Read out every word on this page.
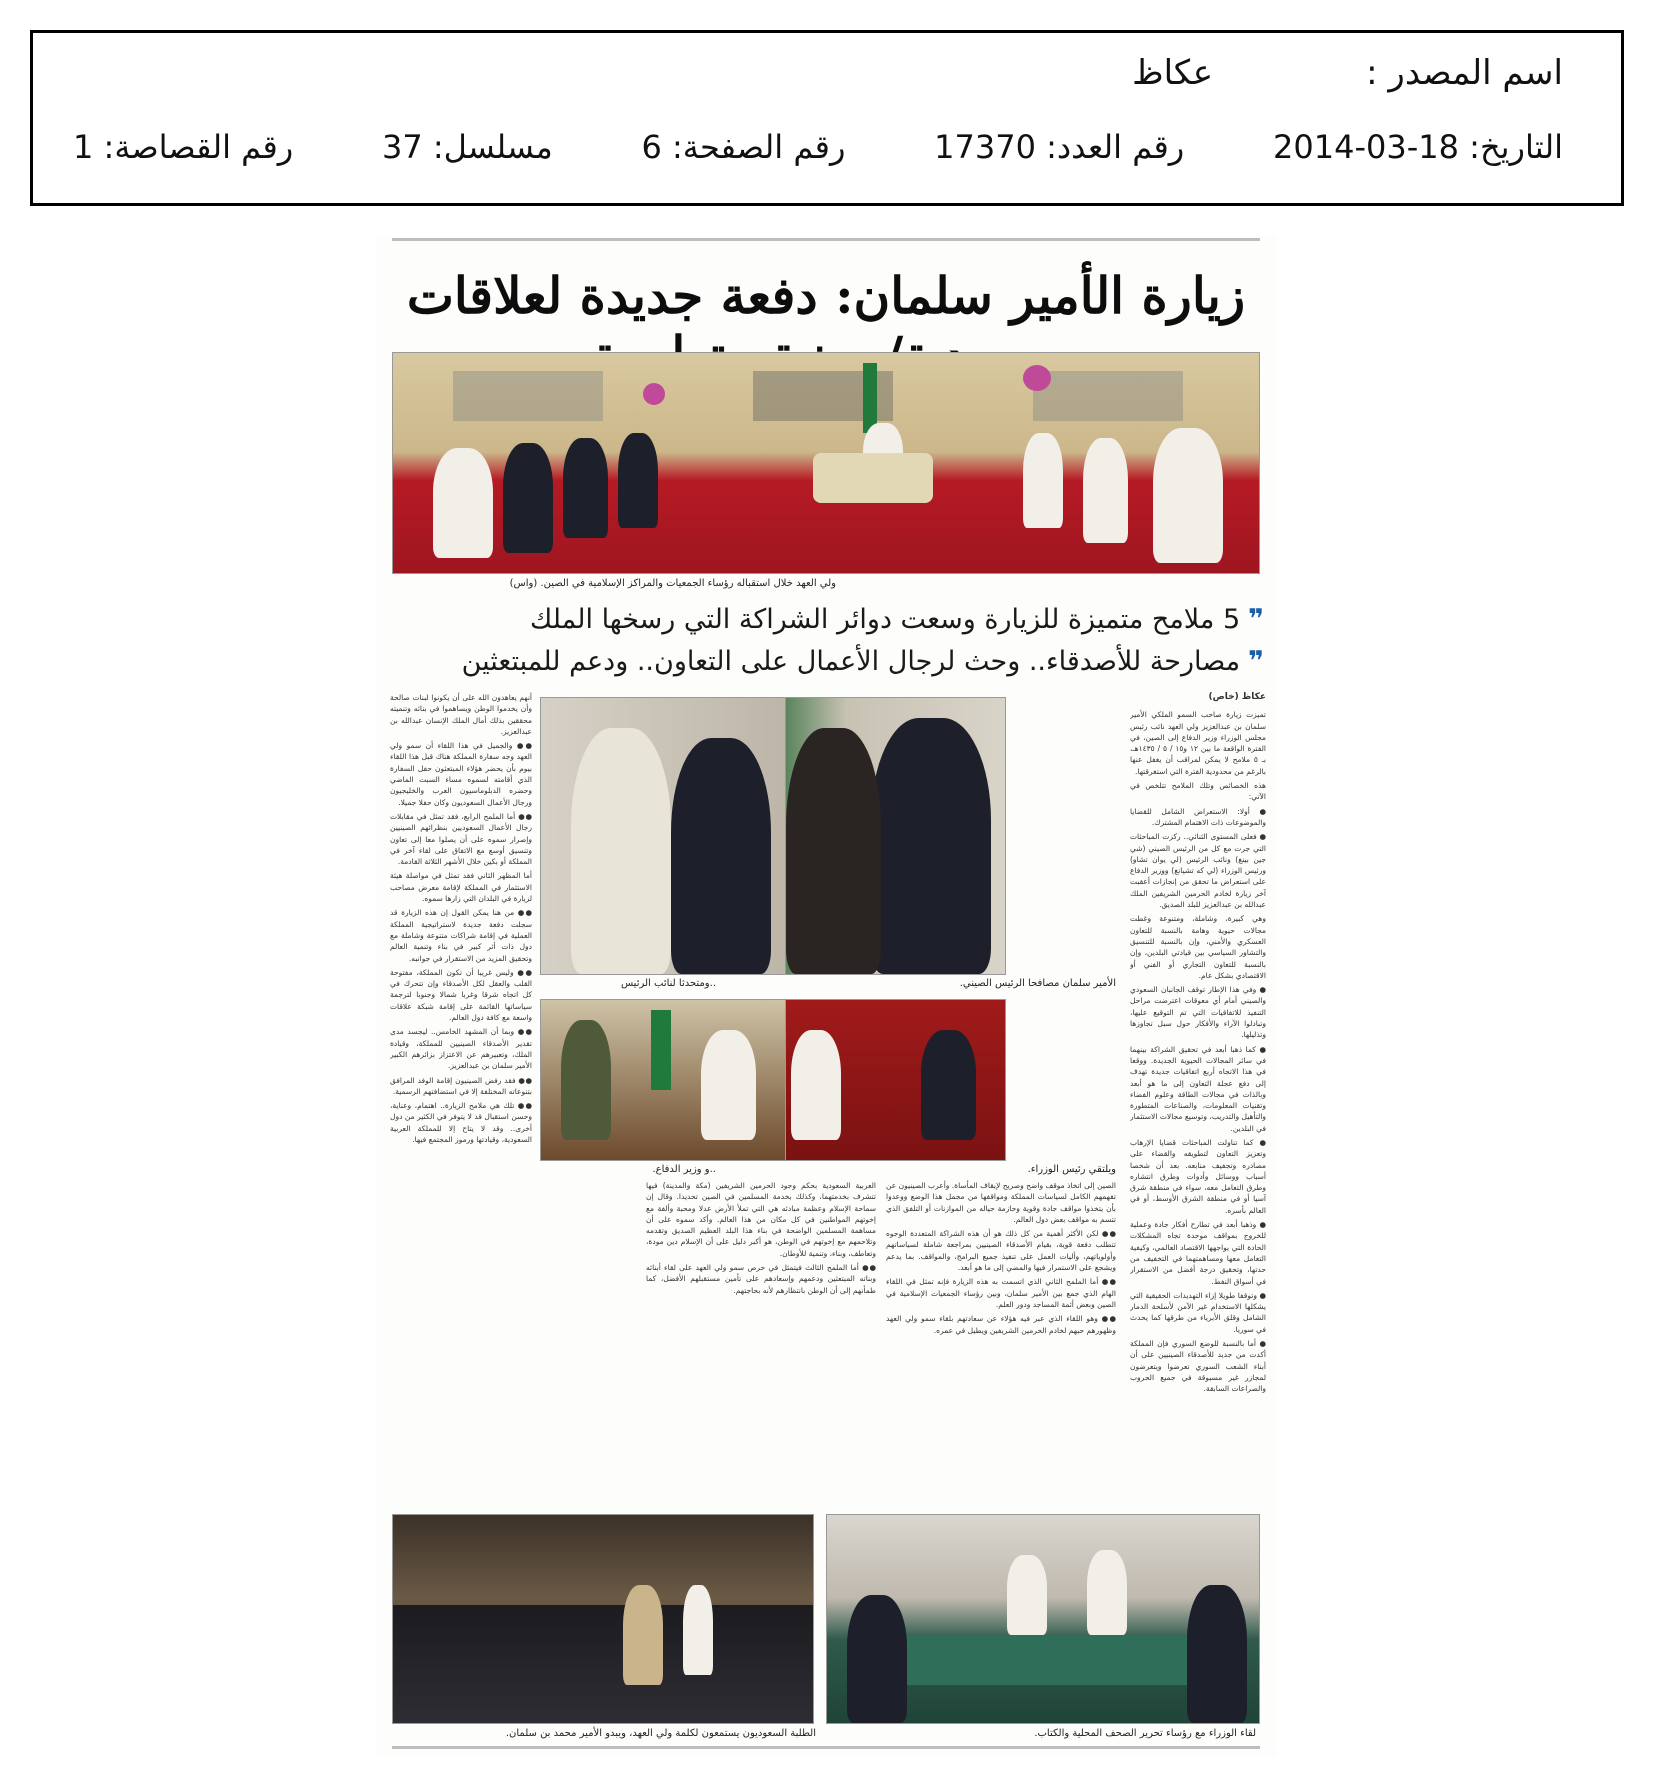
اسم المصدر :
عكاظ
التاريخ: 18-03-2014
رقم العدد: 17370
رقم الصفحة: 6
مسلسل: 37
رقم القصاصة: 1
زيارة الأمير سلمان: دفعة جديدة لعلاقات
ولي العهد خلال استقباله رؤساء الجمعيات والمراكز الإسلامية في الصين. (واس)
❞5 ملامح متميزة للزيارة وسعت دوائر الشراكة التي رسخها الملك
❞مصارحة للأصدقاء.. وحث لرجال الأعمال على التعاون.. ودعم للمبتعثين
عكاظ (خاص)

تميزت زيارة صاحب السمو الملكي الأمير سلمان بن عبدالعزيز ولي العهد نائب رئيس مجلس الوزراء وزير الدفاع إلى الصين، في الفترة الواقعة ما بين ١٢ و١٥ / ٥ / ١٤٣٥هـ، بـ ٥ ملامح لا يمكن لمراقب أن يغفل عنها بالرغم من محدودية الفترة التي استغرقتها.

هذه الخصائص وتلك الملامح تتلخص في الآتي:

● أولا: الاستعراض الشامل للقضايا والموضوعات ذات الاهتمام المشترك.

● فعلى المستوى الثنائي.. ركزت المباحثات التي جرت مع كل من الرئيس الصيني (شي جين بينغ) ونائب الرئيس (لي يوان تشاو) ورئيس الوزراء (لي كه تشيانغ) ووزير الدفاع على استعراض ما تحقق من إنجازات أعقبت آخر زيارة لخادم الحرمين الشريفين الملك عبدالله بن عبدالعزيز للبلد الصديق.

وهي كبيرة، وشاملة، ومتنوعة وغطت مجالات حيوية وهامة بالنسبة للتعاون العسكري والأمني، وإن بالنسبة للتنسيق والتشاور السياسي بين قيادتي البلدين، وإن بالنسبة للتعاون التجاري أو الفني أو الاقتصادي بشكل عام.

● وفي هذا الإطار توقف الجانبان السعودي والصيني أمام أي معوقات اعترضت مراحل التنفيذ للاتفاقيات التي تم التوقيع عليها، وتبادلوا الآراء والأفكار حول سبل تجاوزها وتذليلها.

● كما ذهبا أبعد في تحقيق الشراكة بينهما في سائر المجالات الحيوية الجديدة. ووقعا في هذا الاتجاه أربع اتفاقيات جديدة تهدف إلى دفع عجلة التعاون إلى ما هو أبعد وبالذات في مجالات الطاقة وعلوم الفضاء وتقنيات المعلومات، والصناعات المتطورة والتأهيل والتدريب، وتوسيع مجالات الاستثمار في البلدين.

● كما تناولت المباحثات قضايا الإرهاب وتعزيز التعاون لتطويقه والقضاء على مصادره وتجفيف منابعه. بعد أن شخصا أسباب ووسائل وأدوات وطرق انتشاره وطرق التعامل معه، سواء في منطقة شرق آسيا أو في منطقة الشرق الأوسط، أو في العالم بأسره.

● وذهبا أبعد في تطارح أفكار جادة وعملية للخروج بمواقف موحدة تجاه المشكلات الحادة التي يواجهها الاقتصاد العالمي، وكيفية التعامل معها ومساهمتهما في التخفيف من حدتها، وتحقيق درجة أفضل من الاستقرار في أسواق النفط.

● وتوقفا طويلا إزاء التهديدات الحقيقية التي يشكلها الاستخدام غير الآمن لأسلحة الدمار الشامل وقلق الأبرياء من طرقها كما يحدث في سوريا.

● أما بالنسبة للوضع السوري فإن المملكة أكدت من جديد للأصدقاء الصينيين على أن أبناء الشعب السوري تعرضوا ويتعرضون لمجازر غير مسبوقة في جميع الحروب والصراعات السابقة.

الأمير سلمان مصافحا الرئيس الصيني.
..ومتحدثا لنائب الرئيس
ويلتقي رئيس الوزراء.
..و وزير الدفاع.

الصين إلى اتخاذ موقف واضح وصريح لإيقاف المأساة. وأعرب الصينيون عن تفهمهم الكامل لسياسات المملكة ومواقفها من مجمل هذا الوضع ووعدوا بأن يتخذوا مواقف جادة وقوية وحازمة حياله من الموازنات أو التلفق الذي تتسم به مواقف بعض دول العالم.

●● لكن الأكثر أهمية من كل ذلك هو أن هذه الشراكة المتعددة الوجوه تتطلب دفعة قوية، بقيام الأصدقاء الصينيين بمراجعة شاملة لسياساتهم وأولوياتهم، وأليات العمل على تنفيذ جميع البرامج، والمواقف. بما يدعم ويشجع على الاستمرار فيها والمضي إلى ما هو أبعد.

●● أما الملمح الثاني الذي اتسمت به هذه الزيارة فإنه تمثل في اللقاء الهام الذي جمع بين الأمير سلمان، وبين رؤساء الجمعيات الإسلامية في الصين وبعض أئمة المساجد ودور العلم.

●● وهو اللقاء الذي عبر فيه هؤلاء عن سعادتهم بلقاء سمو ولي العهد وظهورهم حبهم لخادم الحرمين الشريفين ويطيل في عمره.

العربية السعودية بحكم وجود الحرمين الشريفين (مكة والمدينة) فيها تتشرف بخدمتهما، وكذلك بخدمة المسلمين في الصين تحديدا. وقال إن سماحة الإسلام وعظمة مبادئه هي التي تملأ الأرض عدلا ومحبة وألفة مع إخوتهم المواطنين في كل مكان من هذا العالم. وأكد سموه على أن مساهمة المسلمين الواضحة في بناء هذا البلد العظيم الصديق وتقدمه وتلاحمهم مع إخوتهم في الوطن، هو أكبر دليل على أن الإسلام دين مودة، وتعاطف، وبناء، وتنمية للأوطان.

●● أما الملمح الثالث فيتمثل في حرص سمو ولي العهد على لقاء أبنائه وبناته المبتعثين ودعمهم وإسعادهم على تأمين مستقبلهم الأفضل، كما طمأنهم إلى أن الوطن بانتظارهم لأنه بحاجتهم.

أنهم يعاهدون الله على أن يكونوا لبنات صالحة وأن يخدموا الوطن ويساهموا في بنائه وتنميته محققين بذلك أمال الملك الإنسان عبدالله بن عبدالعزيز.

●● والجميل في هذا اللقاء أن سمو ولي العهد وجه سفارة المملكة هناك قبل هذا اللقاء بيوم بأن يحضر هؤلاء المبتعثون حفل السفارة الذي أقامته لسموه مساء السبت الماضي وحضره الدبلوماسيون العرب والخليجيون ورجال الأعمال السعوديون وكان حفلا جميلا.

●● أما الملمح الرابع، فقد تمثل في مقابلات رجال الأعمال السعوديين بنظرائهم الصينيين وإصرار سموه على أن يصلوا معا إلى تعاون وتنسيق أوسع مع الاتفاق على لقاء آخر في المملكة أو بكين خلال الأشهر الثلاثة القادمة.

أما المظهر الثاني فقد تمثل في مواصلة هيئة الاستثمار في المملكة لإقامة معرض مصاحب لزيارة في البلدان التي زارها سموه.

●● من هنا يمكن القول إن هذه الزيارة قد سجلت دفعة جديدة لاستراتيجية المملكة العملية في إقامة شراكات متنوعة وشاملة مع دول ذات أثر كبير في بناء وتنمية العالم وتحقيق المزيد من الاستقرار في جوانبه.

●● وليس غريبا أن تكون المملكة، مفتوحة القلب والعقل لكل الأصدقاء وإن تتحرك في كل اتجاه شرقا وغربا شمالا وجنوبا لترجمة سياساتها القائمة على إقامة شبكة علاقات واسعة مع كافة دول العالم.

●● وبما أن المشهد الخامس.. ليجسد مدى تقدير الأصدقاء الصينيين للمملكة، وقيادة الملك، وتعبيرهم عن الاعتزاز بزائرهم الكبير الأمير سلمان بن عبدالعزيز.

●● فقد رفض الصينيون إقامة الوفد المرافق بتنوعاته المختلفة إلا في استضافتهم الرسمية.

●● تلك هي ملامح الزيارة.. اهتمام، وعناية، وحسن استقبال قد لا يتوفر في الكثير من دول أخرى.. وقد لا يتاح إلا للمملكة العربية السعودية، وقيادتها ورموز المجتمع فيها.

لقاء الوزراء مع رؤساء تحرير الصحف المحلية والكتاب.
الطلبة السعوديون يستمعون لكلمة ولي العهد، ويبدو الأمير محمد بن سلمان.
